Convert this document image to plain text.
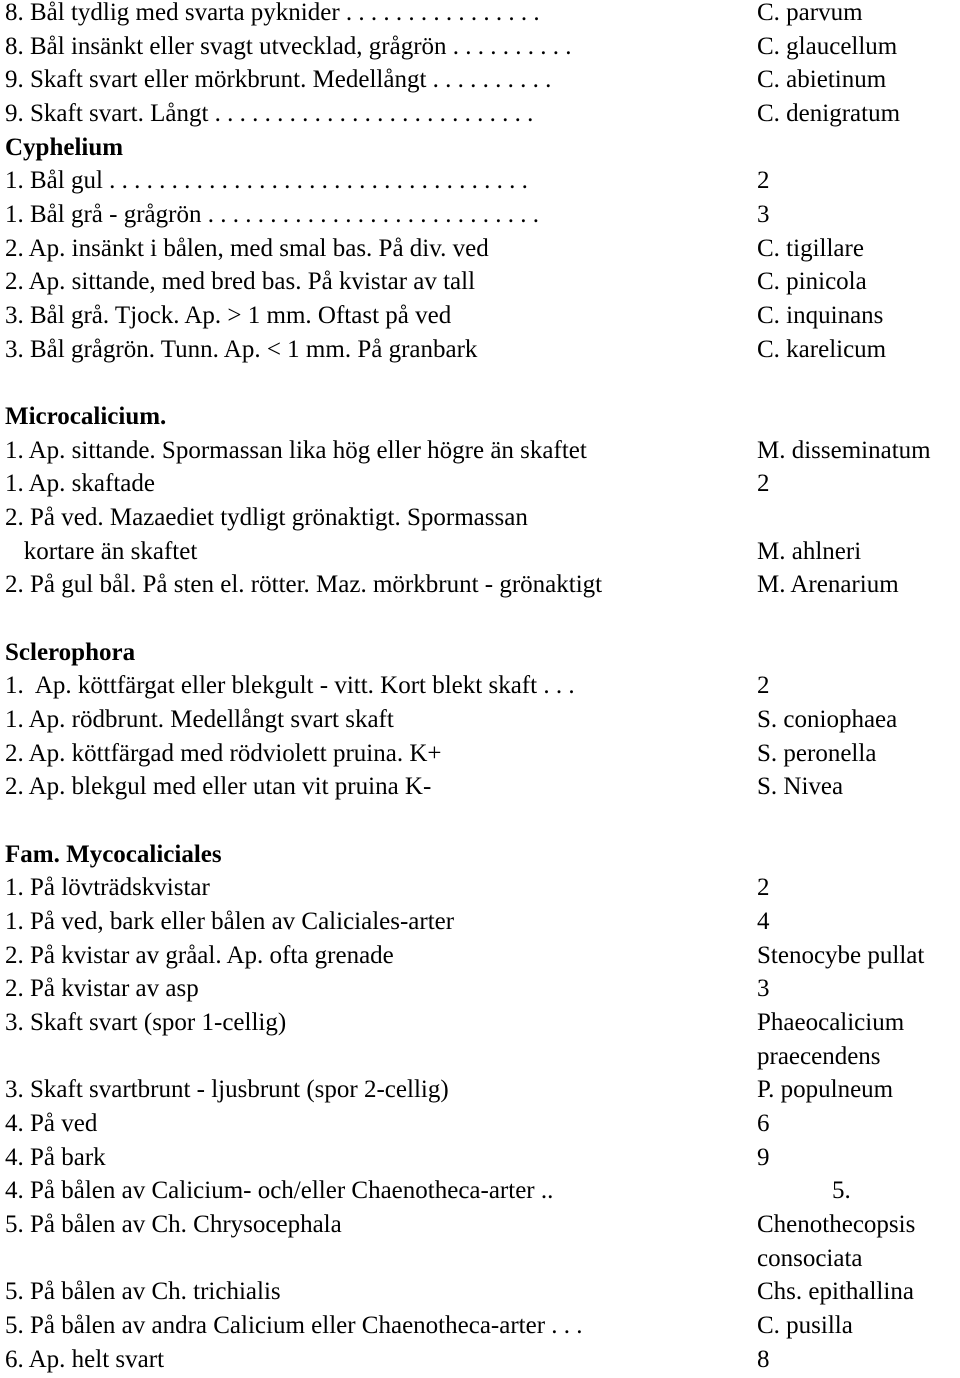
8. Bål tydlig med svarta pyknider . . . . . . . . . . . . . . . .	C. parvum
8. Bål insänkt eller svagt utvecklad, grågrön . . . . . . . . . .	C. glaucellum
9. Skaft svart eller mörkbrunt. Medellångt . . . . . . . . . .	C. abietinum
9. Skaft svart. Långt . . . . . . . . . . . . . . . . . . . . . . . . . .	C. denigratum
Cyphelium
1. Bål gul . . . . . . . . . . . . . . . . . . . . . . . . . . . . . . . . . .	2
1. Bål grå - grågrön . . . . . . . . . . . . . . . . . . . . . . . . . . .	3
2. Ap. insänkt i bålen, med smal bas. På div. ved	C. tigillare
2. Ap. sittande, med bred bas. På kvistar av tall	C. pinicola
3. Bål grå. Tjock. Ap. > 1 mm. Oftast på ved	C. inquinans
3. Bål grågrön. Tunn. Ap. < 1 mm. På granbark	C. karelicum
Microcalicium.
1. Ap. sittande. Spormassan lika hög eller högre än skaftet	M. disseminatum
1. Ap. skaftade	2
2. På ved. Mazaediet tydligt grönaktigt. Spormassan
kortare än skaftet	M. ahlneri
2. På gul bål. På sten el. rötter. Maz. mörkbrunt - grönaktigt	M. Arenarium
Sclerophora
1.  Ap. köttfärgat eller blekgult - vitt. Kort blekt skaft . . .	2
1. Ap. rödbrunt. Medellångt svart skaft	S. coniophaea
2. Ap. köttfärgad med rödviolett pruina. K+	S. peronella
2. Ap. blekgul med eller utan vit pruina K-	S. Nivea
Fam. Mycocaliciales
1. På lövträdskvistar	2
1. På ved, bark eller bålen av Caliciales-arter	4
2. På kvistar av gråal. Ap. ofta grenade	Stenocybe pullat
2. På kvistar av asp	3
3. Skaft svart (spor 1-cellig)	Phaeocalicium
praecendens
3. Skaft svartbrunt - ljusbrunt (spor 2-cellig)	P. populneum
4. På ved	6
4. På bark	9
4. På bålen av Calicium- och/eller Chaenotheca-arter ..	5.
5. På bålen av Ch. Chrysocephala	Chenothecopsis
consociata
5. På bålen av Ch. trichialis	Chs. epithallina
5. På bålen av andra Calicium eller Chaenotheca-arter . . .	C. pusilla
6. Ap. helt svart	8
